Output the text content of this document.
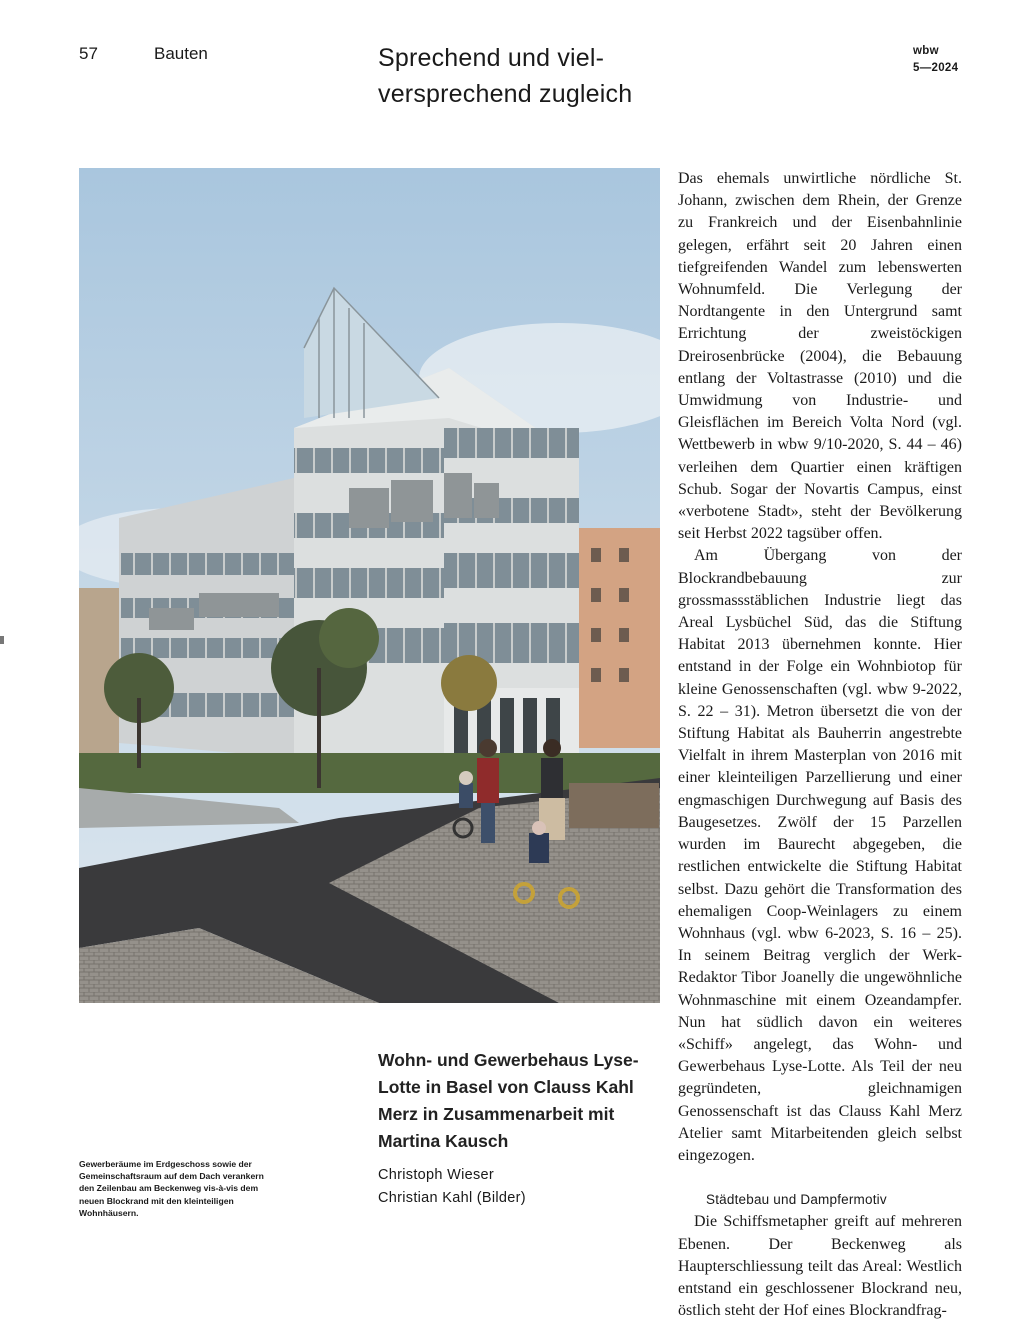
57	Bauten	Sprechend und viel-
versprechend zugleich
wbw
5—2024

Das ehemals unwirtliche nördliche St. Johann, zwischen dem Rhein, der Grenze zu Frankreich und der Eisenbahnlinie gelegen, erfährt seit 20 Jahren einen tiefgreifenden Wandel zum lebenswerten Wohnumfeld. Die Verlegung der Nordtangente in den Untergrund samt Errichtung der zweistöckigen Dreirosenbrücke (2004), die Bebauung entlang der Voltastrasse (2010) und die Umwidmung von Industrie- und Gleisflächen im Bereich Volta Nord (vgl. Wettbewerb in wbw 9/10-2020, S. 44 – 46) verleihen dem Quartier einen kräftigen Schub. Sogar der Novartis Campus, einst «verbotene Stadt», steht der Bevölkerung seit Herbst 2022 tagsüber offen.

Am Übergang von der Blockrandbebauung zur grossmassstäblichen Industrie liegt das Areal Lysbüchel Süd, das die Stiftung Habitat 2013 übernehmen konnte. Hier entstand in der Folge ein Wohnbiotop für kleine Genossenschaften (vgl. wbw 9-2022, S. 22 – 31). Metron übersetzt die von der Stiftung Habitat als Bauherrin angestrebte Vielfalt in ihrem Masterplan von 2016 mit einer kleinteiligen Parzellierung und einer engmaschigen Durchwegung auf Basis des Baugesetzes. Zwölf der 15 Parzellen wurden im Baurecht abgegeben, die restlichen entwickelte die Stiftung Habitat selbst. Dazu gehört die Transformation des ehemaligen Coop-Weinlagers zu einem Wohnhaus (vgl. wbw 6-2023, S. 16 – 25). In seinem Beitrag verglich der Werk-Redaktor Tibor Joanelly die ungewöhnliche Wohnmaschine mit einem Ozeandampfer. Nun hat südlich davon ein weiteres «Schiff» angelegt, das Wohn- und Gewerbehaus Lyse-Lotte. Als Teil der neu gegründeten, gleichnamigen Genossenschaft ist das Clauss Kahl Merz Atelier samt Mitarbeitenden gleich selbst eingezogen.

Städtebau und Dampfermotiv

Die Schiffsmetapher greift auf mehreren Ebenen. Der Beckenweg als Haupterschliessung teilt das Areal: Westlich entstand ein geschlossener Blockrand neu, östlich steht der Hof eines Blockrandfrag-

Wohn- und Gewerbehaus Lyse-Lotte in Basel von Clauss Kahl Merz in Zusammenarbeit mit Martina Kausch
Christoph Wieser
Christian Kahl (Bilder)
Gewerberäume im Erdgeschoss sowie der Gemeinschaftsraum auf dem Dach verankern den Zeilenbau am Beckenweg vis-à-vis dem neuen Blockrand mit den kleinteiligen Wohnhäusern.
